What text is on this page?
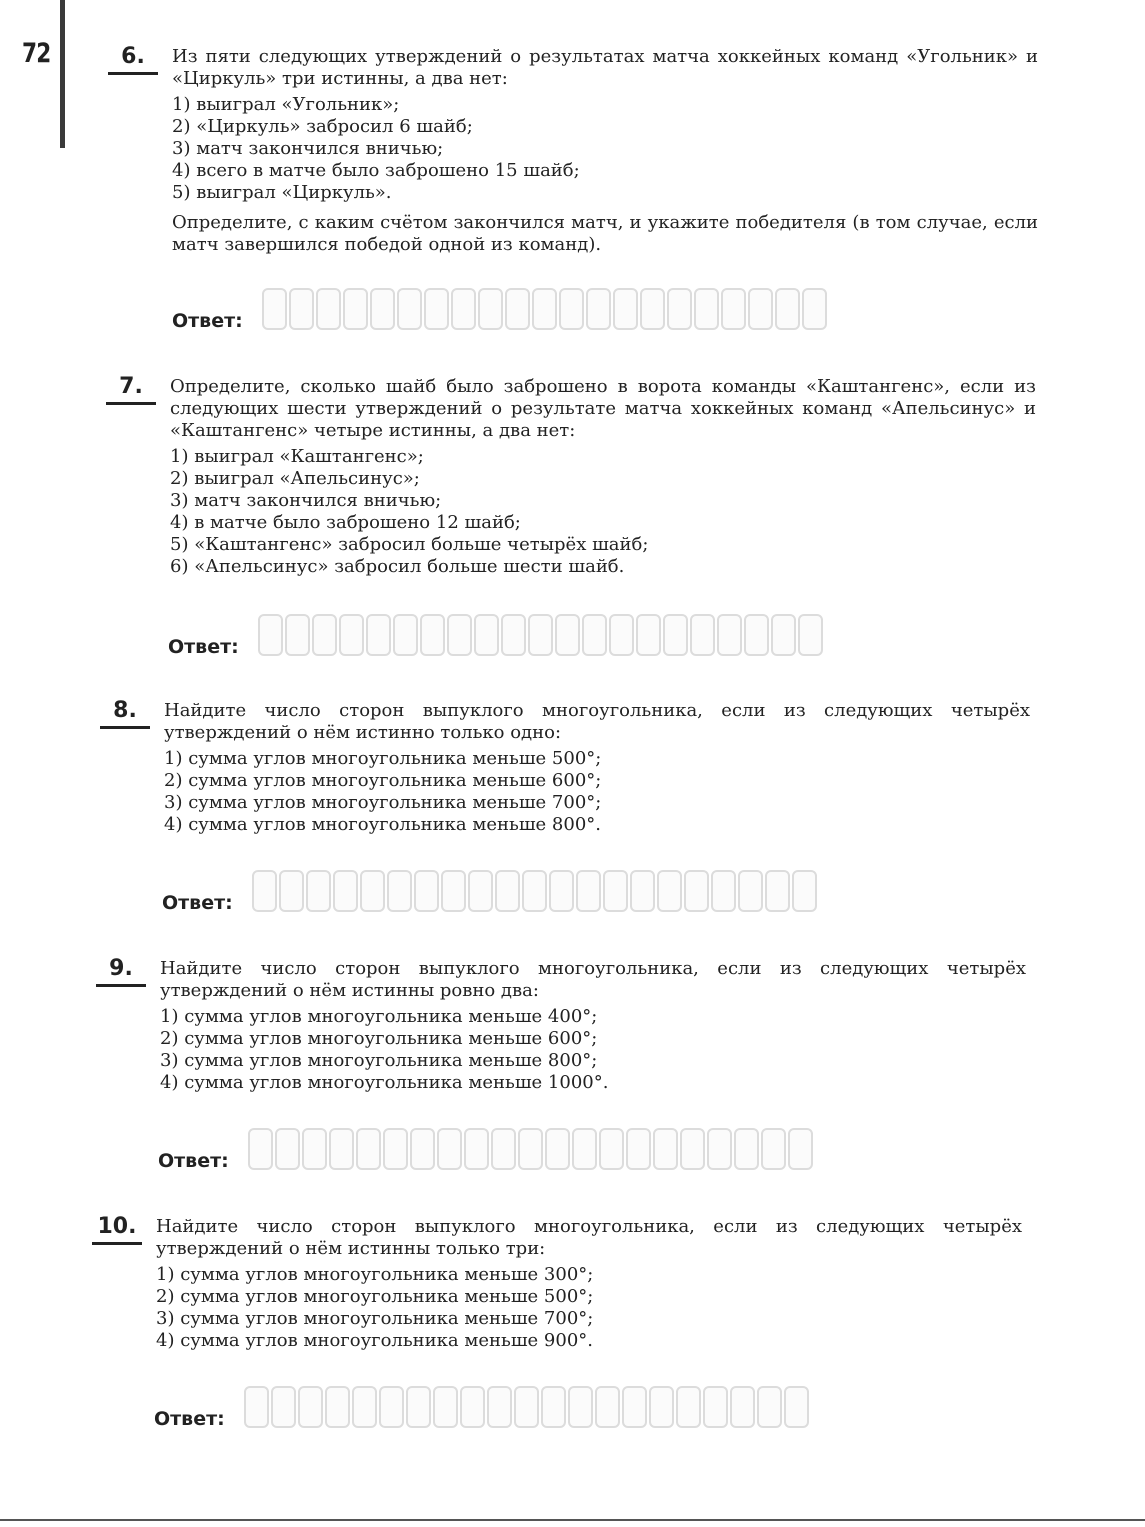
72	6.	Из пяти следующих утверждений о результатах матча хоккейных команд «Угольник» и «Циркуль» три истинны, а два нет:

1) выиграл «Угольник»;
2) «Циркуль» забросил 6 шайб;
3) матч закончился вничью;
4) всего в матче было заброшено 15 шайб;
5) выиграл «Циркуль».

Определите, с каким счётом закончился матч, и укажите победителя (в том случае, если матч завершился победой одной из команд).

Ответ:
7.	Определите, сколько шайб было заброшено в ворота команды «Каштангенс», если из следующих шести утверждений о результате матча хоккейных команд «Апельсинус» и «Каштангенс» четыре истинны, а два нет:

1) выиграл «Каштангенс»;
2) выиграл «Апельсинус»;
3) матч закончился вничью;
4) в матче было заброшено 12 шайб;
5) «Каштангенс» забросил больше четырёх шайб;
6) «Апельсинус» забросил больше шести шайб.
Ответ:
8.	Найдите число сторон выпуклого многоугольника, если из следующих четырёх утверждений о нём истинно только одно:

1) сумма углов многоугольника меньше 500°;
2) сумма углов многоугольника меньше 600°;
3) сумма углов многоугольника меньше 700°;
4) сумма углов многоугольника меньше 800°.
Ответ:
9.	Найдите число сторон выпуклого многоугольника, если из следующих четырёх утверждений о нём истинны ровно два:

1) сумма углов многоугольника меньше 400°;
2) сумма углов многоугольника меньше 600°;
3) сумма углов многоугольника меньше 800°;
4) сумма углов многоугольника меньше 1000°.
Ответ:
10.	Найдите число сторон выпуклого многоугольника, если из следующих четырёх утверждений о нём истинны только три:

1) сумма углов многоугольника меньше 300°;
2) сумма углов многоугольника меньше 500°;
3) сумма углов многоугольника меньше 700°;
4) сумма углов многоугольника меньше 900°.
Ответ:
